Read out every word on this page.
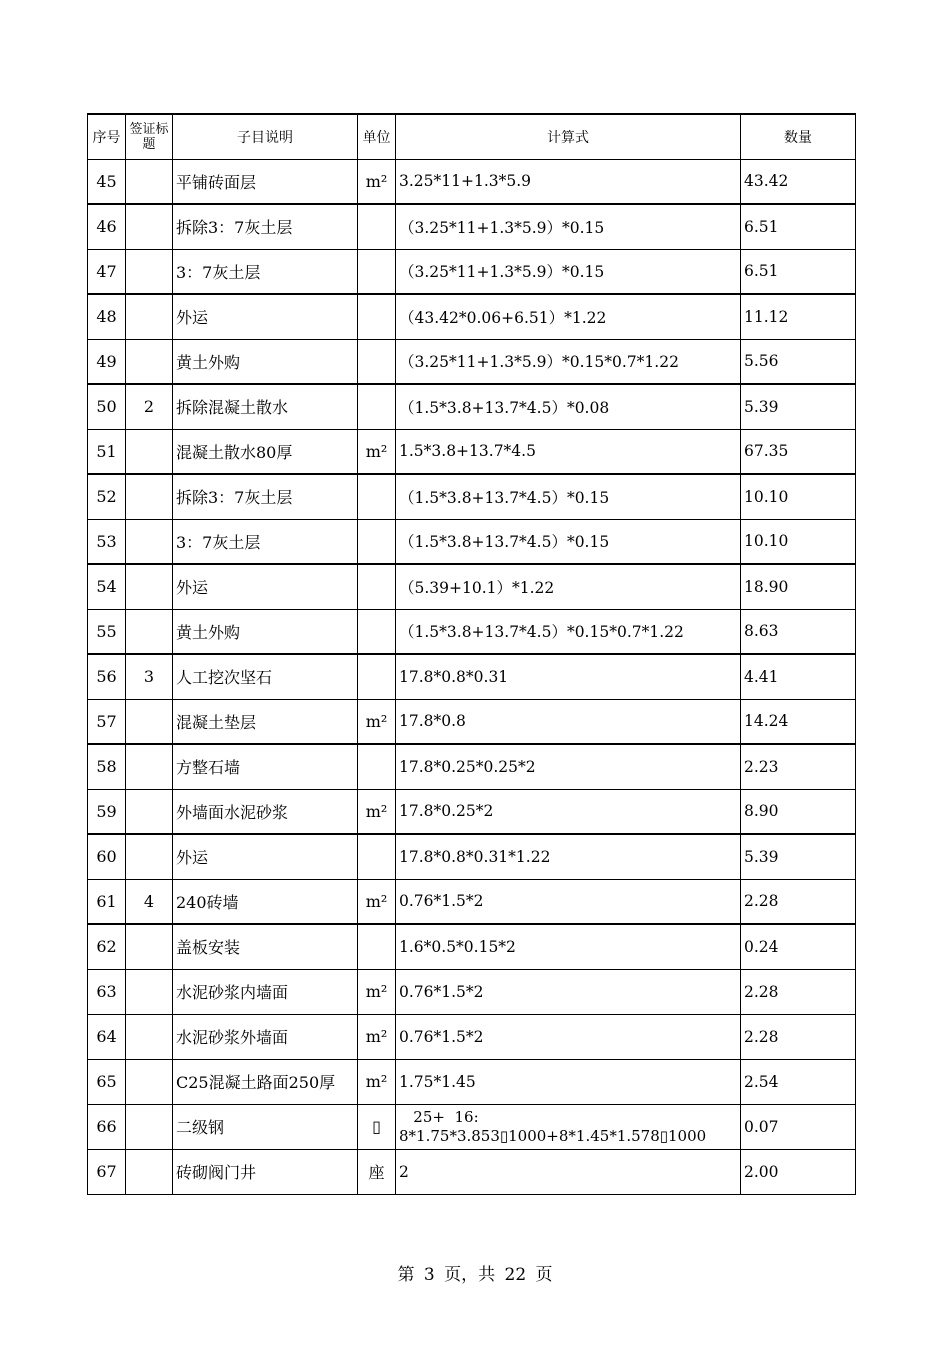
序号	签证标题	子目说明	单位	计算式	数量
45		平铺砖面层	m²	3.25*11+1.3*5.9	43.42
46		拆除3：7灰土层		（3.25*11+1.3*5.9）*0.15	6.51
47		3：7灰土层		（3.25*11+1.3*5.9）*0.15	6.51
48		外运		（43.42*0.06+6.51）*1.22	11.12
49		黄土外购		（3.25*11+1.3*5.9）*0.15*0.7*1.22	5.56
50	2	拆除混凝土散水		（1.5*3.8+13.7*4.5）*0.08	5.39
51		混凝土散水80厚	m²	1.5*3.8+13.7*4.5	67.35
52		拆除3：7灰土层		（1.5*3.8+13.7*4.5）*0.15	10.10
53		3：7灰土层		（1.5*3.8+13.7*4.5）*0.15	10.10
54		外运		（5.39+10.1）*1.22	18.90
55		黄土外购		（1.5*3.8+13.7*4.5）*0.15*0.7*1.22	8.63
56	3	人工挖次坚石		17.8*0.8*0.31	4.41
57		混凝土垫层	m²	17.8*0.8	14.24
58		方整石墙		17.8*0.25*0.25*2	2.23
59		外墙面水泥砂浆	m²	17.8*0.25*2	8.90
60		外运		17.8*0.8*0.31*1.22	5.39
61	4	240砖墙	m²	0.76*1.5*2	2.28
62		盖板安装		1.6*0.5*0.15*2	0.24
63		水泥砂浆内墙面	m²	0.76*1.5*2	2.28
64		水泥砂浆外墙面	m²	0.76*1.5*2	2.28
65		C25混凝土路面250厚	m²	1.75*1.45	2.54
66		二级钢	▯	25+  16:
8*1.75*3.853▯1000+8*1.45*1.578▯1000	0.07
67		砖砌阀门井	座	2	2.00
第 3 页，共 22 页
